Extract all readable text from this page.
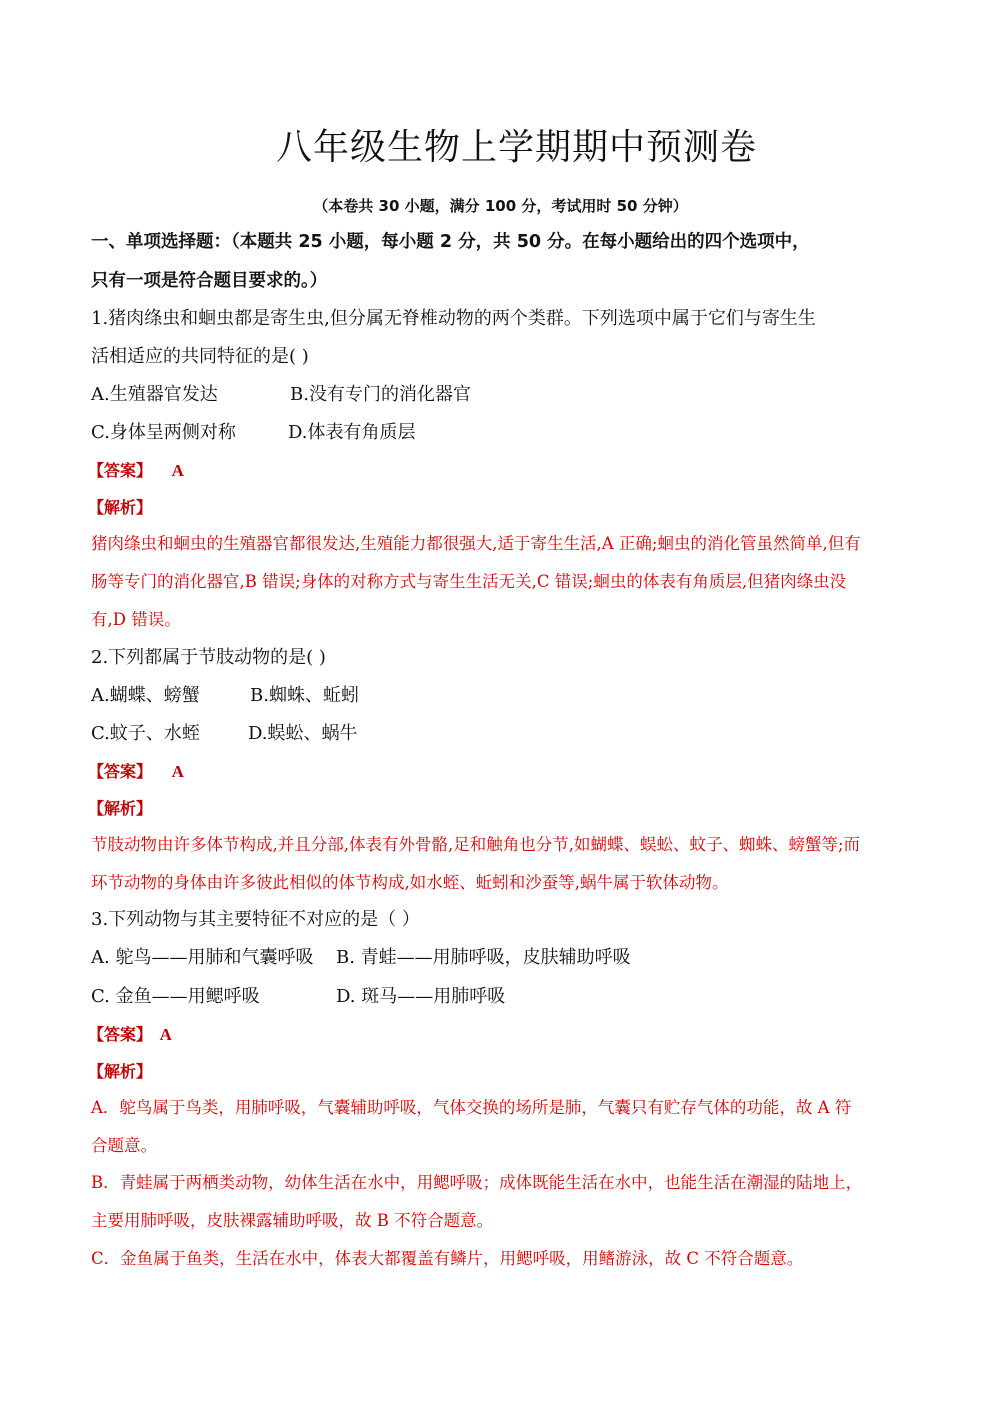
八年级生物上学期期中预测卷
（本卷共 30 小题，满分 100 分，考试用时 50 分钟）
一、单项选择题：（本题共 25 小题，每小题 2 分，共 50 分。在每小题给出的四个选项中，
只有一项是符合题目要求的。）
1.猪肉绦虫和蛔虫都是寄生虫,但分属无脊椎动物的两个类群。下列选项中属于它们与寄生生
活相适应的共同特征的是( )
A.生殖器官发达	B.没有专门的消化器官
C.身体呈两侧对称	D.体表有角质层
【答案】 A
【解析】
猪肉绦虫和蛔虫的生殖器官都很发达,生殖能力都很强大,适于寄生生活,A 正确;蛔虫的消化管虽然简单,但有
肠等专门的消化器官,B 错误;身体的对称方式与寄生生活无关,C 错误;蛔虫的体表有角质层,但猪肉绦虫没
有,D 错误。
2.下列都属于节肢动物的是( )
A.蝴蝶、螃蟹	B.蜘蛛、蚯蚓
C.蚊子、水蛭	D.蜈蚣、蜗牛
【答案】 A
【解析】
节肢动物由许多体节构成,并且分部,体表有外骨骼,足和触角也分节,如蝴蝶、蜈蚣、蚊子、蜘蛛、螃蟹等;而
环节动物的身体由许多彼此相似的体节构成,如水蛭、蚯蚓和沙蚕等,蜗牛属于软体动物。
3.下列动物与其主要特征不对应的是（ ）
A. 鸵鸟——用肺和气囊呼吸 B. 青蛙——用肺呼吸，皮肤辅助呼吸
C. 金鱼——用鳃呼吸	D. 斑马——用肺呼吸
【答案】 A
【解析】
A．鸵鸟属于鸟类，用肺呼吸，气囊辅助呼吸，气体交换的场所是肺，气囊只有贮存气体的功能，故 A 符
合题意。
B．青蛙属于两栖类动物，幼体生活在水中，用鳃呼吸；成体既能生活在水中，也能生活在潮湿的陆地上，
主要用肺呼吸，皮肤裸露辅助呼吸，故 B 不符合题意。
C．金鱼属于鱼类，生活在水中，体表大都覆盖有鳞片，用鳃呼吸，用鳍游泳，故 C 不符合题意。
